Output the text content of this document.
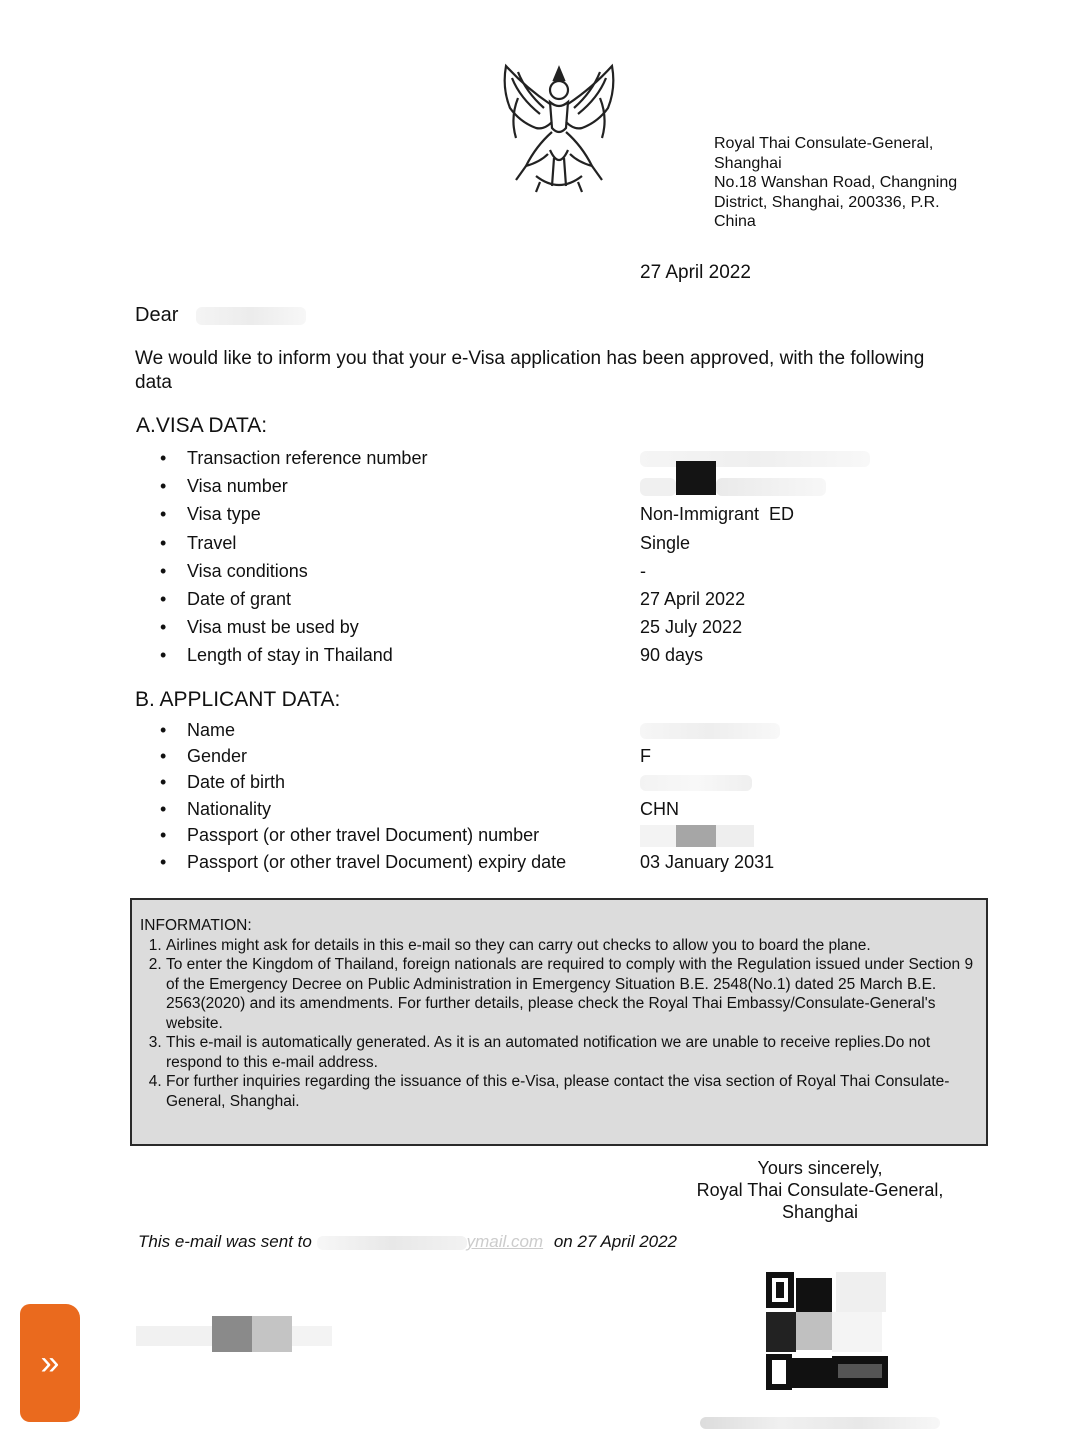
Royal Thai Consulate-General,
Shanghai
No.18 Wanshan Road, Changning
District, Shanghai, 200336, P.R.
China
27 April 2022
Dear
We would like to inform you that your e-Visa application has been approved, with the following data
A.VISA DATA:
• Transaction reference number
• Visa number
• Visa type	Non-Immigrant  ED
• Travel	Single
• Visa conditions	-
• Date of grant	27 April 2022
• Visa must be used by	25 July 2022
• Length of stay in Thailand	90 days
B. APPLICANT DATA:
• Name
• Gender	F
• Date of birth
• Nationality	CHN
• Passport (or other travel Document) number
• Passport (or other travel Document) expiry date	03 January 2031
INFORMATION:
1. Airlines might ask for details in this e-mail so they can carry out checks to allow you to board the plane.
2. To enter the Kingdom of Thailand, foreign nationals are required to comply with the Regulation issued under Section 9 of the Emergency Decree on Public Administration in Emergency Situation B.E. 2548(No.1) dated 25 March B.E. 2563(2020) and its amendments. For further details, please check the Royal Thai Embassy/Consulate-General's website.
3. This e-mail is automatically generated. As it is an automated notification we are unable to receive replies.Do not respond to this e-mail address.
4. For further inquiries regarding the issuance of this e-Visa, please contact the visa section of Royal Thai Consulate-General, Shanghai.
Yours sincerely,
Royal Thai Consulate-General,
Shanghai
This e-mail was sent to	ymail.com on 27 April 2022
»
